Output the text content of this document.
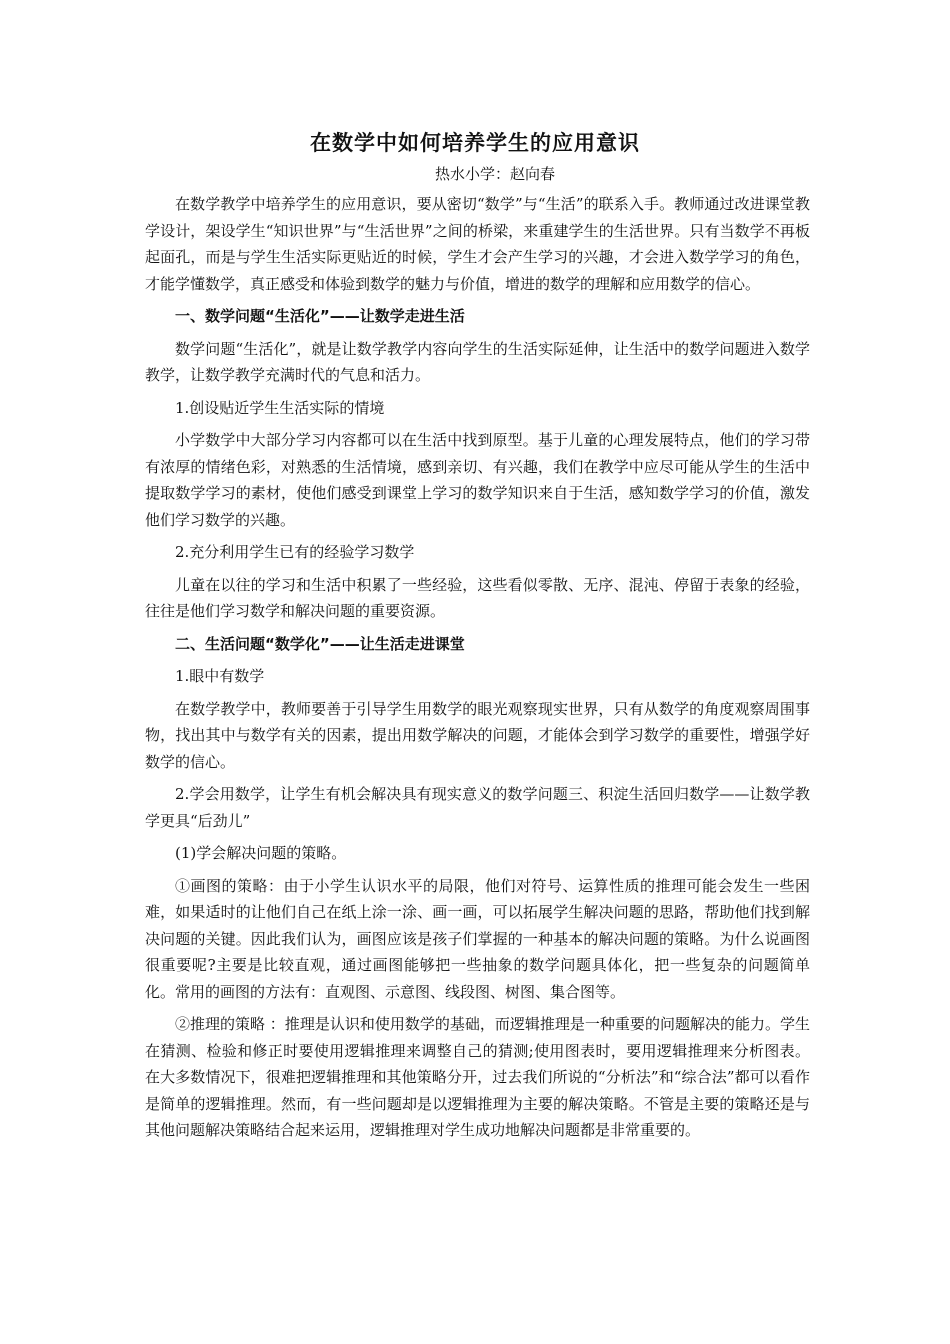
在数学中如何培养学生的应用意识
热水小学：赵向春

在数学教学中培养学生的应用意识，要从密切“数学”与“生活”的联系入手。教师通过改进课堂教学设计，架设学生“知识世界”与“生活世界”之间的桥梁，来重建学生的生活世界。只有当数学不再板起面孔，而是与学生生活实际更贴近的时候，学生才会产生学习的兴趣，才会进入数学学习的角色，才能学懂数学，真正感受和体验到数学的魅力与价值，增进的数学的理解和应用数学的信心。

一、数学问题“生活化”——让数学走进生活

数学问题“生活化”，就是让数学教学内容向学生的生活实际延伸，让生活中的数学问题进入数学教学，让数学教学充满时代的气息和活力。

1.创设贴近学生生活实际的情境

小学数学中大部分学习内容都可以在生活中找到原型。基于儿童的心理发展特点，他们的学习带有浓厚的情绪色彩，对熟悉的生活情境，感到亲切、有兴趣，我们在教学中应尽可能从学生的生活中提取数学学习的素材，使他们感受到课堂上学习的数学知识来自于生活，感知数学学习的价值，激发他们学习数学的兴趣。

2.充分利用学生已有的经验学习数学

儿童在以往的学习和生活中积累了一些经验，这些看似零散、无序、混沌、停留于表象的经验，往往是他们学习数学和解决问题的重要资源。

二、生活问题“数学化”——让生活走进课堂

1.眼中有数学

在数学教学中，教师要善于引导学生用数学的眼光观察现实世界，只有从数学的角度观察周围事物，找出其中与数学有关的因素，提出用数学解决的问题，才能体会到学习数学的重要性，增强学好数学的信心。

2.学会用数学，让学生有机会解决具有现实意义的数学问题三、积淀生活回归数学——让数学教学更具“后劲儿”

(1)学会解决问题的策略。

①画图的策略：由于小学生认识水平的局限，他们对符号、运算性质的推理可能会发生一些困难，如果适时的让他们自己在纸上涂一涂、画一画，可以拓展学生解决问题的思路，帮助他们找到解决问题的关键。因此我们认为，画图应该是孩子们掌握的一种基本的解决问题的策略。为什么说画图很重要呢?主要是比较直观，通过画图能够把一些抽象的数学问题具体化，把一些复杂的问题简单化。常用的画图的方法有：直观图、示意图、线段图、树图、集合图等。

②推理的策略 ：推理是认识和使用数学的基础，而逻辑推理是一种重要的问题解决的能力。学生在猜测、检验和修正时要使用逻辑推理来调整自己的猜测;使用图表时，要用逻辑推理来分析图表。在大多数情况下，很难把逻辑推理和其他策略分开，过去我们所说的“分析法”和“综合法”都可以看作是简单的逻辑推理。然而，有一些问题却是以逻辑推理为主要的解决策略。不管是主要的策略还是与其他问题解决策略结合起来运用，逻辑推理对学生成功地解决问题都是非常重要的。
